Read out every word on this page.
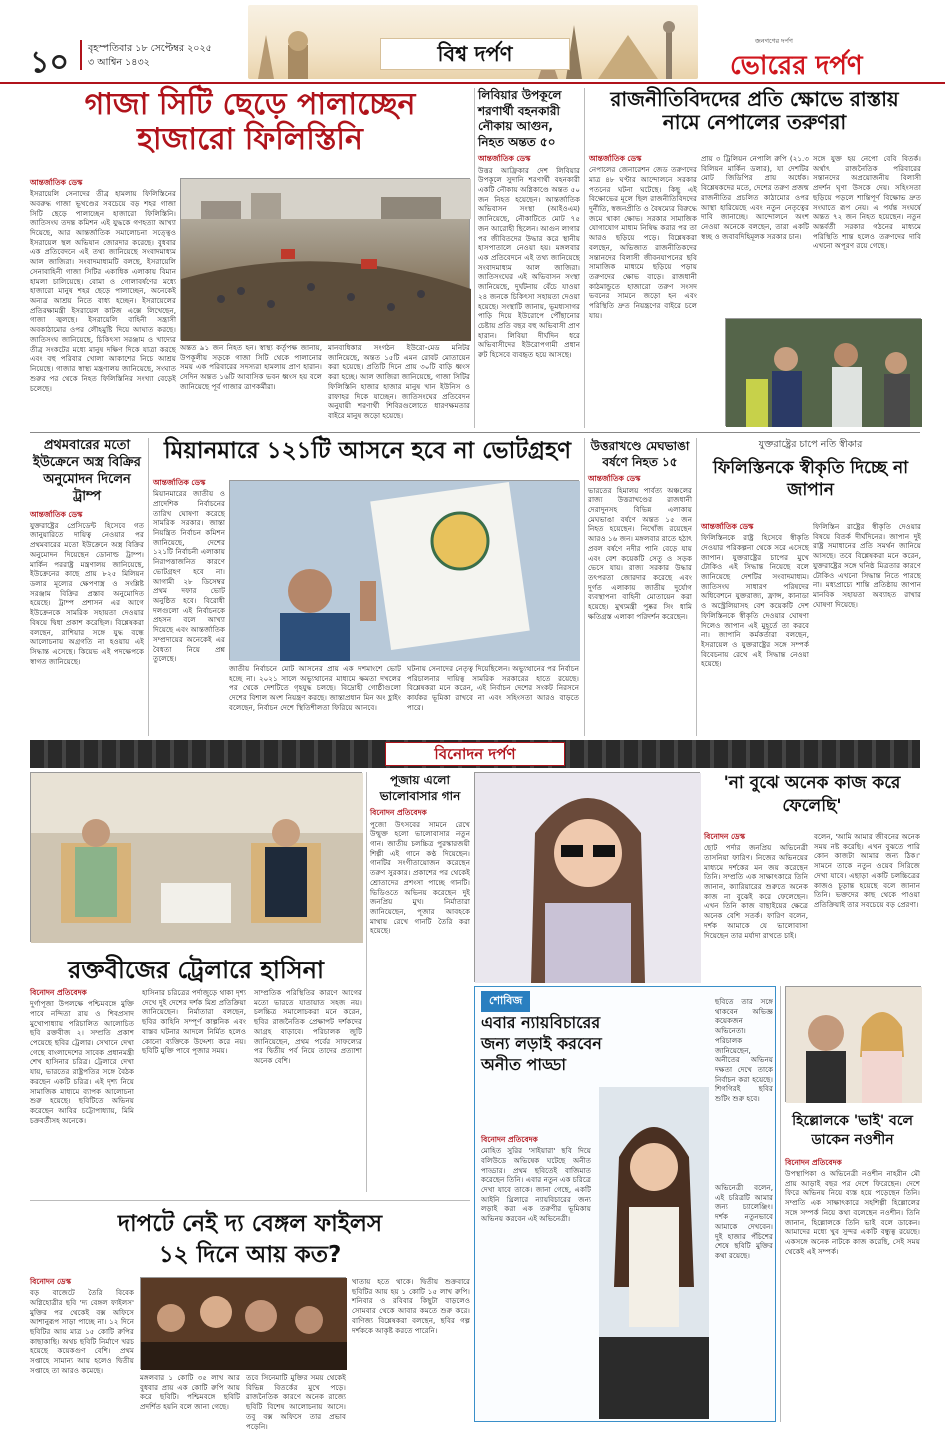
১০ বৃহস্পতিবার ১৮ সেপ্টেম্বর ২০২৫
৩ আশ্বিন ১৪৩২	বিশ্ব দর্পণ
জনগণের দর্পণ
ভোরের দর্পণ
গাজা সিটি ছেড়ে পালাচ্ছেন
হাজারো ফিলিস্তিনি
আন্তর্জাতিক ডেস্ক
ইসরায়েলি সেনাদের তীব্র হামলায় ফিলিস্তিনের অবরুদ্ধ গাজা ভূখণ্ডের সবচেয়ে বড় শহর গাজা সিটি ছেড়ে পালাচ্ছেন হাজারো ফিলিস্তিনি। জাতিসংঘ তদন্ত কমিশন এই যুদ্ধকে গণহত্যা আখ্যা দিয়েছে, আর আন্তর্জাতিক সমালোচনা সত্ত্বেও ইসরায়েল স্থল অভিযান জোরদার করেছে। বুধবার এক প্রতিবেদনে এই তথ্য জানিয়েছে সংবাদমাধ্যম আল জাজিরা। সংবাদমাধ্যমটি বলছে, ইসরায়েলি সেনাবাহিনী গাজা সিটির একাধিক এলাকায় বিমান হামলা চালিয়েছে। বোমা ও গোলাবর্ষণের মধ্যে হাজারো মানুষ শহর ছেড়ে পালাচ্ছেন, অনেকেই অন্যত্র আশ্রয় নিতে বাধ্য হচ্ছেন। ইসরায়েলের প্রতিরক্ষামন্ত্রী ইসরায়েল কাটজ এক্সে লিখেছেন, গাজা জ্বলছে। ইসরায়েলি বাহিনী সন্ত্রাসী অবকাঠামোর ওপর লৌহমুষ্টি দিয়ে আঘাত করছে। জাতিসংঘ জানিয়েছে, চিকিৎসা সরঞ্জাম ও খাদ্যের তীব্র সংকটের মধ্যে মানুষ দক্ষিণ দিকে যাত্রা করছে এবং বহু পরিবার খোলা আকাশের নিচে আশ্রয় নিয়েছে। গাজার স্বাস্থ্য মন্ত্রণালয় জানিয়েছে, সংঘাত শুরুর পর থেকে নিহত ফিলিস্তিনির সংখ্যা বেড়েই চলেছে।
অন্তত ৯১ জন নিহত হন। স্বাস্থ্য কর্তৃপক্ষ জানায়, উপকূলীয় সড়কে গাজা সিটি থেকে পালানোর সময় এক পরিবারের সদস্যরা হামলায় প্রাণ হারান। সেদিন অন্তত ১৬টি আবাসিক ভবন ধ্বংস হয় বলে জানিয়েছে পূর্ব গাজার ত্রাণকর্মীরা।
মানবাধিকার সংগঠন ইউরো-মেড মনিটর জানিয়েছে, অন্তত ১৫টি এমন রোবট মোতায়েন করা হয়েছে। প্রতিটি দিনে প্রায় ৩০টি বাড়ি ধ্বংস করা হচ্ছে। আল জাজিরা জানিয়েছে, গাজা সিটির ফিলিস্তিনি হাজার হাজার মানুষ খান ইউনিস ও রাফাহর দিকে যাচ্ছেন। জাতিসংঘের প্রতিবেদন অনুযায়ী শরণার্থী শিবিরগুলোতে ধারণক্ষমতার বাইরে মানুষ জড়ো হয়েছে।
লিবিয়ার উপকূলে শরণার্থী বহনকারী নৌকায় আগুন, নিহত অন্তত ৫০
আন্তর্জাতিক ডেস্ক
উত্তর আফ্রিকার দেশ লিবিয়ার উপকূলে সুদানি শরণার্থী বহনকারী একটি নৌকায় অগ্নিকাণ্ডে অন্তত ৫০ জন নিহত হয়েছেন। আন্তর্জাতিক অভিবাসন সংস্থা (আইওএম) জানিয়েছে, নৌকাটিতে মোট ৭৫ জন আরোহী ছিলেন। আগুন লাগার পর জীবিতদের উদ্ধার করে স্থানীয় হাসপাতালে নেওয়া হয়। মঙ্গলবার এক প্রতিবেদনে এই তথ্য জানিয়েছে সংবাদমাধ্যম আল জাজিরা। জাতিসংঘের এই অভিবাসন সংস্থা জানিয়েছে, দুর্ঘটনায় বেঁচে যাওয়া ২৪ জনকে চিকিৎসা সহায়তা দেওয়া হয়েছে। সংস্থাটি জানায়, ভূমধ্যসাগর পাড়ি দিয়ে ইউরোপে পৌঁছানোর চেষ্টায় প্রতি বছর বহু অভিবাসী প্রাণ হারান। লিবিয়া দীর্ঘদিন ধরে অভিবাসীদের ইউরোপগামী প্রধান রুট হিসেবে ব্যবহৃত হয়ে আসছে।
রাজনীতিবিদদের প্রতি ক্ষোভে রাস্তায় নামে নেপালের তরুণরা
আন্তর্জাতিক ডেস্ক
নেপালের জেনারেশন জেড তরুণদের মাত্র ৪৮ ঘণ্টার আন্দোলনে সরকার পতনের ঘটনা ঘটেছে। কিছু এই বিক্ষোভের মূলে ছিল রাজনীতিবিদদের দুর্নীতি, স্বজনপ্রীতি ও বৈষম্যের বিরুদ্ধে জমে থাকা ক্ষোভ। সরকার সামাজিক যোগাযোগ মাধ্যম নিষিদ্ধ করার পর তা আরও ছড়িয়ে পড়ে। বিশ্লেষকরা বলছেন, অভিজাত রাজনীতিকদের সন্তানদের বিলাসী জীবনযাপনের ছবি সামাজিক মাধ্যমে ছড়িয়ে পড়ায় তরুণদের ক্ষোভ বাড়ে। রাজধানী কাঠমান্ডুতে হাজারো তরুণ সংসদ ভবনের সামনে জড়ো হন এবং পরিস্থিতি দ্রুত নিয়ন্ত্রণের বাইরে চলে যায়।
প্রায় ৩ ট্রিলিয়ন নেপালি রুপি (২১.৩ বিলিয়ন মার্কিন ডলার), যা দেশটির মোট জিডিপির প্রায় অর্ধেক। বিশ্লেষকদের মতে, দেশের তরুণ প্রজন্ম রাজনীতির প্রচলিত কাঠামোর ওপর আস্থা হারিয়েছে এবং নতুন নেতৃত্বের দাবি জানাচ্ছে। আন্দোলনে অংশ নেওয়া অনেকে বলছেন, তারা একটি স্বচ্ছ ও জবাবদিহিমূলক সরকার চান।
সঙ্গে যুক্ত হয় নেপো বেবি বিতর্ক। অর্থাৎ রাজনৈতিক পরিবারের সন্তানদের অপ্রয়োজনীয় বিলাসী প্রদর্শন ঘৃণা উসকে দেয়। সহিংসতা ছড়িয়ে পড়লে শান্তিপূর্ণ বিক্ষোভ দ্রুত সংঘাতে রূপ নেয়। এ পর্যন্ত সংঘর্ষে অন্তত ৭২ জন নিহত হয়েছেন। নতুন অন্তর্বর্তী সরকার গঠনের মাধ্যমে পরিস্থিতি শান্ত হলেও তরুণদের দাবি এখনো অপূরণ রয়ে গেছে।
প্রথমবারের মতো ইউক্রেনে অস্ত্র বিক্রির অনুমোদন দিলেন ট্রাম্প
আন্তর্জাতিক ডেস্ক
যুক্তরাষ্ট্রের প্রেসিডেন্ট হিসেবে গত জানুয়ারিতে দায়িত্ব নেওয়ার পর প্রথমবারের মতো ইউক্রেনে অস্ত্র বিক্রির অনুমোদন দিয়েছেন ডোনাল্ড ট্রাম্প। মার্কিন পররাষ্ট্র মন্ত্রণালয় জানিয়েছে, ইউক্রেনের কাছে প্রায় ৮২৫ মিলিয়ন ডলার মূল্যের ক্ষেপণাস্ত্র ও সংশ্লিষ্ট সরঞ্জাম বিক্রির প্রস্তাব অনুমোদিত হয়েছে। ট্রাম্প প্রশাসন এর আগে ইউক্রেনকে সামরিক সহায়তা দেওয়ার বিষয়ে দ্বিধা প্রকাশ করেছিল। বিশ্লেষকরা বলছেন, রাশিয়ার সঙ্গে যুদ্ধ বন্ধে আলোচনায় অগ্রগতি না হওয়ায় এই সিদ্ধান্ত এসেছে। কিয়েভ এই পদক্ষেপকে স্বাগত জানিয়েছে।
মিয়ানমারে ১২১টি আসনে হবে না ভোটগ্রহণ
আন্তর্জাতিক ডেস্ক
মিয়ানমারের জাতীয় ও প্রাদেশিক নির্বাচনের তারিখ ঘোষণা করেছে সামরিক সরকার। জান্তা নিয়ন্ত্রিত নির্বাচন কমিশন জানিয়েছে, দেশের ১২১টি নির্বাচনী এলাকায় নিরাপত্তাজনিত কারণে ভোটগ্রহণ হবে না। আগামী ২৮ ডিসেম্বর প্রথম দফার ভোট অনুষ্ঠিত হবে। বিরোধী দলগুলো এই নির্বাচনকে প্রহসন বলে আখ্যা দিয়েছে এবং আন্তর্জাতিক সম্প্রদায়ের অনেকেই এর বৈধতা নিয়ে প্রশ্ন তুলেছে।
জাতীয় নির্বাচনে মোট আসনের প্রায় এক দশমাংশে ভোট হচ্ছে না। ২০২১ সালে অভ্যুত্থানের মাধ্যমে ক্ষমতা দখলের পর থেকে দেশটিতে গৃহযুদ্ধ চলছে। বিদ্রোহী গোষ্ঠীগুলো দেশের বিশাল অংশ নিয়ন্ত্রণ করছে। জান্তাপ্রধান মিন অং হ্লাইং বলেছেন, নির্বাচন দেশে স্থিতিশীলতা ফিরিয়ে আনবে।
ঘটনায় সেনাদের নেতৃত্ব দিয়েছিলেন। অভ্যুত্থানের পর নির্বাচন পরিচালনার দায়িত্ব সামরিক সরকারের হাতে রয়েছে। বিশ্লেষকরা মনে করেন, এই নির্বাচন দেশের সংকট নিরসনে কার্যকর ভূমিকা রাখবে না এবং সহিংসতা আরও বাড়তে পারে।
উত্তরাখণ্ডে মেঘভাঙা বর্ষণে নিহত ১৫
আন্তর্জাতিক ডেস্ক
ভারতের হিমালয় পার্বত্য অঞ্চলের রাজ্য উত্তরাখণ্ডের রাজধানী দেরাদুনসহ বিভিন্ন এলাকায় মেঘভাঙা বর্ষণে অন্তত ১৫ জন নিহত হয়েছেন। নিখোঁজ রয়েছেন আরও ১৬ জন। মঙ্গলবার রাতে হঠাৎ প্রবল বর্ষণে নদীর পানি বেড়ে যায় এবং বেশ কয়েকটি সেতু ও সড়ক ভেসে যায়। রাজ্য সরকার উদ্ধার তৎপরতা জোরদার করেছে এবং দুর্গত এলাকায় জাতীয় দুর্যোগ ব্যবস্থাপনা বাহিনী মোতায়েন করা হয়েছে। মুখ্যমন্ত্রী পুষ্কর সিং ধামি ক্ষতিগ্রস্ত এলাকা পরিদর্শন করেছেন।
যুক্তরাষ্ট্রের চাপে নতি স্বীকার
ফিলিস্তিনকে স্বীকৃতি দিচ্ছে না জাপান
আন্তর্জাতিক ডেস্ক
ফিলিস্তিনকে রাষ্ট্র হিসেবে স্বীকৃতি দেওয়ার পরিকল্পনা থেকে সরে এসেছে জাপান। যুক্তরাষ্ট্রের চাপের মুখে টোকিও এই সিদ্ধান্ত নিয়েছে বলে জানিয়েছে দেশটির সংবাদমাধ্যম। জাতিসংঘ সাধারণ পরিষদের অধিবেশনে যুক্তরাজ্য, ফ্রান্স, কানাডা ও অস্ট্রেলিয়াসহ বেশ কয়েকটি দেশ ফিলিস্তিনকে স্বীকৃতি দেওয়ার ঘোষণা দিলেও জাপান এই মুহূর্তে তা করবে না। জাপানি কর্মকর্তারা বলছেন, ইসরায়েল ও যুক্তরাষ্ট্রের সঙ্গে সম্পর্ক বিবেচনায় রেখে এই সিদ্ধান্ত নেওয়া হয়েছে।
ফিলিস্তিন রাষ্ট্রের স্বীকৃতি দেওয়ার বিষয়ে বিতর্ক দীর্ঘদিনের। জাপান দুই রাষ্ট্র সমাধানের প্রতি সমর্থন জানিয়ে আসছে। তবে বিশ্লেষকরা মনে করেন, যুক্তরাষ্ট্রের সঙ্গে ঘনিষ্ঠ মিত্রতার কারণে টোকিও এখনো সিদ্ধান্ত নিতে পারছে না। মধ্যপ্রাচ্যে শান্তি প্রতিষ্ঠায় জাপান মানবিক সহায়তা অব্যাহত রাখার ঘোষণা দিয়েছে।
বিনোদন দর্পণ
রক্তবীজের ট্রেলারে হাসিনা
বিনোদন প্রতিবেদক
দুর্গাপূজা উপলক্ষে পশ্চিমবঙ্গে মুক্তি পাবে নন্দিতা রায় ও শিবপ্রসাদ মুখোপাধ্যায় পরিচালিত আলোচিত ছবি রক্তবীজ ২। সম্প্রতি প্রকাশ পেয়েছে ছবির ট্রেলার। সেখানে দেখা গেছে বাংলাদেশের সাবেক প্রধানমন্ত্রী শেখ হাসিনার চরিত্র। ট্রেলারে দেখা যায়, ভারতের রাষ্ট্রপতির সঙ্গে বৈঠক করছেন একটি চরিত্র। এই দৃশ্য নিয়ে সামাজিক মাধ্যমে ব্যাপক আলোচনা শুরু হয়েছে। ছবিটিতে অভিনয় করেছেন আবির চট্টোপাধ্যায়, মিমি চক্রবর্তীসহ অনেকে।
হাসিনার চরিত্রের পর্দাজুড়ে থাকা দৃশ্য দেখে দুই দেশের দর্শক মিশ্র প্রতিক্রিয়া জানিয়েছেন। নির্মাতারা বলছেন, ছবির কাহিনি সম্পূর্ণ কাল্পনিক এবং বাস্তব ঘটনার আদলে নির্মিত হলেও কোনো ব্যক্তিকে উদ্দেশ্য করে নয়। ছবিটি মুক্তি পাবে পূজার সময়।
সাম্প্রতিক পরিস্থিতির কারণে আগের মতো ভারতে যাতায়াত সহজ নয়। চলচ্চিত্র সমালোচকরা মনে করেন, ছবির রাজনৈতিক প্রেক্ষাপট দর্শকদের আগ্রহ বাড়াবে। পরিচালক জুটি জানিয়েছেন, প্রথম পর্বের সাফল্যের পর দ্বিতীয় পর্ব নিয়ে তাদের প্রত্যাশা অনেক বেশি।
পূজায় এলো ভালোবাসার গান
বিনোদন প্রতিবেদক
পুজো উৎসবের সামনে রেখে উন্মুক্ত হলো ভালোবাসার নতুন গান। জাতীয় চলচ্চিত্র পুরস্কারজয়ী শিল্পী এই গানে কণ্ঠ দিয়েছেন। গানটির সংগীতায়োজন করেছেন তরুণ সুরকার। প্রকাশের পর থেকেই শ্রোতাদের প্রশংসা পাচ্ছে গানটি। ভিডিওতে অভিনয় করেছেন দুই জনপ্রিয় মুখ। নির্মাতারা জানিয়েছেন, পূজার আবহকে মাথায় রেখে গানটি তৈরি করা হয়েছে।
'না বুঝে অনেক কাজ করে ফেলেছি'
বিনোদন ডেস্ক
ছোট পর্দার জনপ্রিয় অভিনেত্রী তাসনিয়া ফারিণ। নিজের অভিনয়ের মাধ্যমে দর্শকের মন জয় করেছেন তিনি। সম্প্রতি এক সাক্ষাৎকারে তিনি জানান, ক্যারিয়ারের শুরুতে অনেক কাজ না বুঝেই করে ফেলেছেন। এখন তিনি কাজ বাছাইয়ের ক্ষেত্রে অনেক বেশি সতর্ক। ফারিণ বলেন, দর্শক আমাকে যে ভালোবাসা দিয়েছেন তার মর্যাদা রাখতে চাই।
বলেন, 'আমি আমার জীবনের অনেক সময় নষ্ট করেছি। এখন বুঝতে পারি কোন কাজটা আমার জন্য ঠিক।' সামনে তাকে নতুন ওয়েব সিরিজে দেখা যাবে। এছাড়া একটি চলচ্চিত্রের কাজও চূড়ান্ত হয়েছে বলে জানান তিনি। ভক্তদের কাছ থেকে পাওয়া প্রতিক্রিয়াই তার সবচেয়ে বড় প্রেরণা।
শোবিজ
এবার ন্যায়বিচারের জন্য লড়াই করবেন অনীত পাড্ডা
বিনোদন প্রতিবেদক
মোহিত সুরির 'সাইয়ারা' ছবি দিয়ে বলিউডে অভিষেক ঘটেছে অনীত পাড্ডার। প্রথম ছবিতেই বাজিমাত করেছেন তিনি। এবার নতুন এক চরিত্রে দেখা যাবে তাকে। জানা গেছে, একটি আইনি থ্রিলারে ন্যায়বিচারের জন্য লড়াই করা এক তরুণীর ভূমিকায় অভিনয় করবেন এই অভিনেত্রী।
ছবিতে তার সঙ্গে থাকবেন অভিজ্ঞ কয়েকজন অভিনেতা। পরিচালক জানিয়েছেন, অনীতের অভিনয় দক্ষতা দেখে তাকে নির্বাচন করা হয়েছে। শিগগিরই ছবির শুটিং শুরু হবে।
অভিনেত্রী বলেন, এই চরিত্রটি আমার জন্য চ্যালেঞ্জিং। দর্শক নতুনভাবে আমাকে দেখবেন। দুই হাজার পঁচিশের শেষে ছবিটি মুক্তির কথা রয়েছে।
হিল্লোলকে 'ভাই' বলে ডাকেন নওশীন
বিনোদন প্রতিবেদক
উপস্থাপিকা ও অভিনেত্রী নওশীন নাহরীন মৌ প্রায় আড়াই বছর পর দেশে ফিরেছেন। দেশে ফিরে অভিনয় নিয়ে ব্যস্ত হয়ে পড়েছেন তিনি। সম্প্রতি এক সাক্ষাৎকারে সহশিল্পী হিল্লোলের সঙ্গে সম্পর্ক নিয়ে কথা বলেছেন নওশীন। তিনি জানান, হিল্লোলকে তিনি ভাই বলে ডাকেন। আমাদের মধ্যে খুব সুন্দর একটি বন্ধুত্ব রয়েছে। একসঙ্গে অনেক নাটকে কাজ করেছি, সেই সময় থেকেই এই সম্পর্ক।
দাপটে নেই দ্য বেঙ্গল ফাইলস
১২ দিনে আয় কত?
বিনোদন ডেস্ক
বড় বাজেটে তৈরি বিবেক অগ্নিহোত্রীর ছবি 'দ্য বেঙ্গল ফাইলস' মুক্তির পর থেকেই বক্স অফিসে আশানুরূপ সাড়া পাচ্ছে না। ১২ দিনে ছবিটির আয় মাত্র ১৫ কোটি রুপির কাছাকাছি। অথচ ছবিটি নির্মাণে খরচ হয়েছে কয়েকগুণ বেশি। প্রথম সপ্তাহে সামান্য আয় হলেও দ্বিতীয় সপ্তাহে তা আরও কমেছে।
খাতায় হতে থাকে। দ্বিতীয় শুক্রবারে ছবিটির আয় হয় ১ কোটি ১৫ লাখ রুপি। শনিবার ও রবিবার কিছুটা বাড়লেও সোমবার থেকে আবার কমতে শুরু করে। বাণিজ্য বিশ্লেষকরা বলছেন, ছবির গল্প দর্শককে আকৃষ্ট করতে পারেনি।
মঙ্গলবার ১ কোটি ৩৫ লাখ আর বুধবার প্রায় এক কোটি রুপি আয় করে ছবিটি। পশ্চিমবঙ্গে ছবিটি প্রদর্শিত হয়নি বলে জানা গেছে।
তবে সিনেমাটি মুক্তির সময় থেকেই বিভিন্ন বিতর্কের মুখে পড়ে। রাজনৈতিক কারণে অনেক রাজ্যে ছবিটি বিশেষ আলোচনায় আসে। তবু বক্স অফিসে তার প্রভাব পড়েনি।
